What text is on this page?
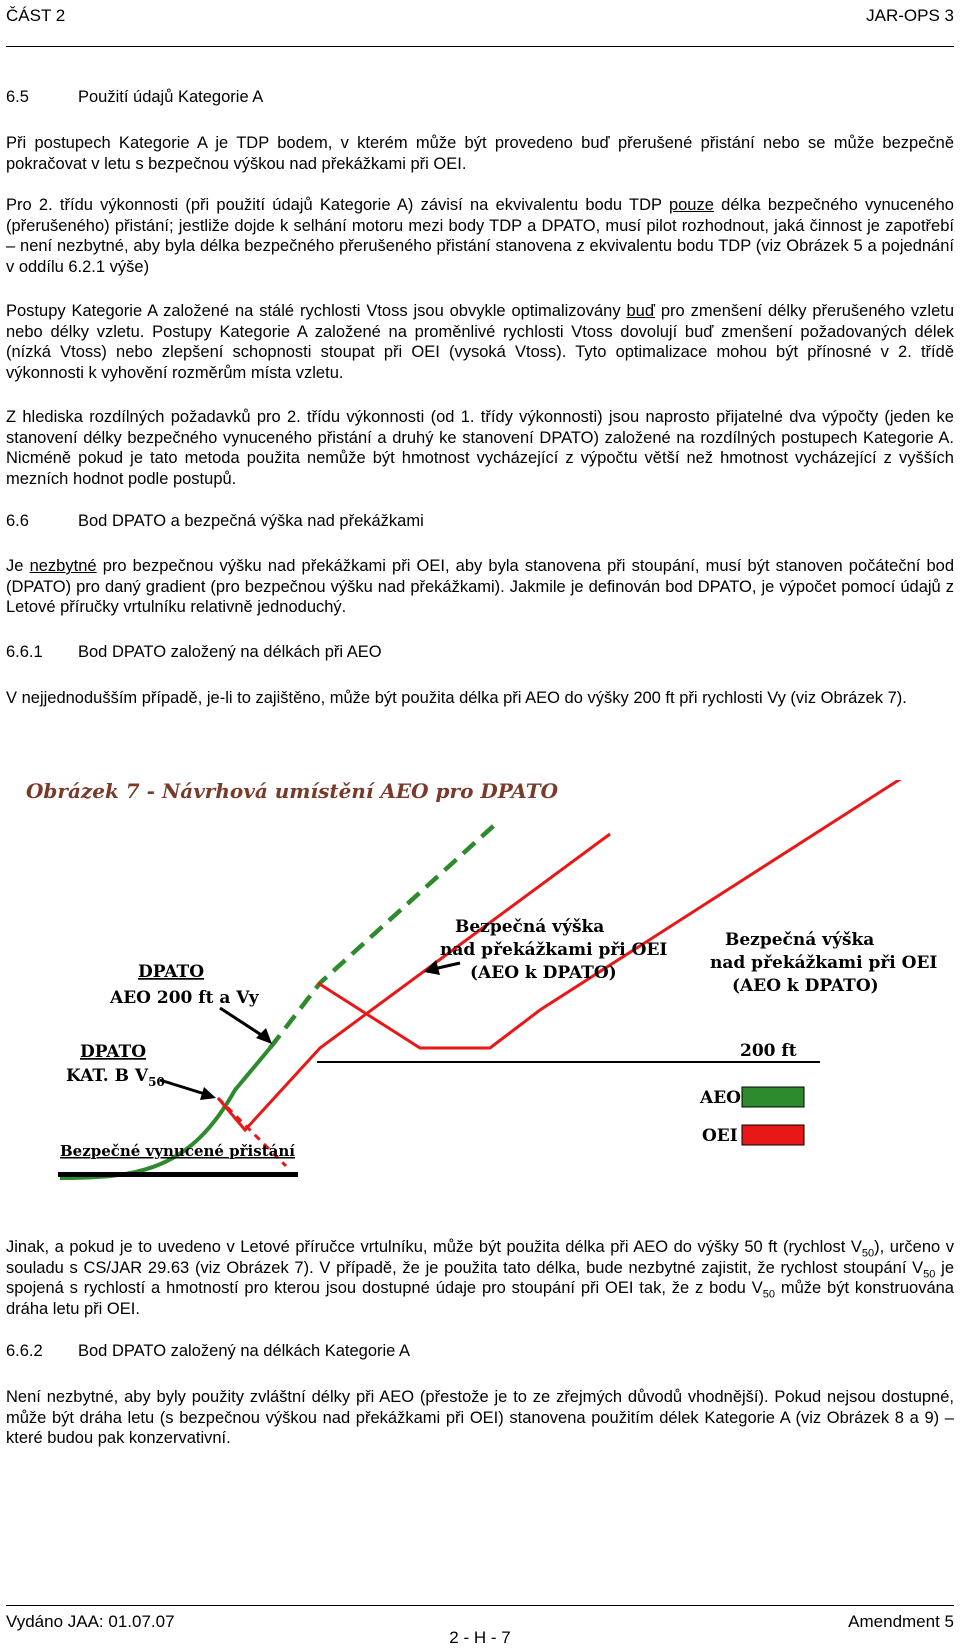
ČÁST 2	JAR-OPS 3
6.5	Použití údajů Kategorie A
Při postupech Kategorie A je TDP bodem, v kterém může být provedeno buď přerušené přistání nebo se může bezpečně pokračovat v letu s bezpečnou výškou nad překážkami při OEI.
Pro 2. třídu výkonnosti (při použití údajů Kategorie A) závisí na ekvivalentu bodu TDP pouze délka bezpečného vynuceného (přerušeného) přistání; jestliže dojde k selhání motoru mezi body TDP a DPATO, musí pilot rozhodnout, jaká činnost je zapotřebí – není nezbytné, aby byla délka bezpečného přerušeného přistání stanovena z ekvivalentu bodu TDP (viz Obrázek 5 a pojednání v oddílu 6.2.1 výše)
Postupy Kategorie A založené na stálé rychlosti Vtoss jsou obvykle optimalizovány buď pro zmenšení délky přerušeného vzletu nebo délky vzletu. Postupy Kategorie A založené na proměnlivé rychlosti Vtoss dovolují buď zmenšení požadovaných délek (nízká Vtoss) nebo zlepšení schopnosti stoupat při OEI (vysoká Vtoss). Tyto optimalizace mohou být přínosné v 2. třídě výkonnosti k vyhovění rozměrům místa vzletu.
Z hlediska rozdílných požadavků pro 2. třídu výkonnosti (od 1. třídy výkonnosti) jsou naprosto přijatelné dva výpočty (jeden ke stanovení délky bezpečného vynuceného přistání a druhý ke stanovení DPATO) založené na rozdílných postupech Kategorie A. Nicméně pokud je tato metoda použita nemůže být hmotnost vycházející z výpočtu větší než hmotnost vycházející z vyšších mezních hodnot podle postupů.
6.6	Bod DPATO a bezpečná výška nad překážkami
Je nezbytné pro bezpečnou výšku nad překážkami při OEI, aby byla stanovena při stoupání, musí být stanoven počáteční bod (DPATO) pro daný gradient (pro bezpečnou výšku nad překážkami). Jakmile je definován bod DPATO, je výpočet pomocí údajů z Letové příručky vrtulníku relativně jednoduchý.
6.6.1 Bod DPATO založený na délkách při AEO
V nejjednodušším případě, je-li to zajištěno, může být použita délka při AEO do výšky 200 ft při rychlosti Vy (viz Obrázek 7).
Obrázek 7 - Návrhová umístění AEO pro DPATO
200 ft
DPATO
AEO 200 ft a Vy
DPATO
KAT. B $V_{50}$
Bezpečná výška
nad překážkami při OEI
(AEO k DPATO)
Bezpečná výška
nad překážkami při OEI
(AEO k DPATO)
AEO
OEI
Bezpečné vynucené přistání
Jinak, a pokud je to uvedeno v Letové příručce vrtulníku, může být použita délka při AEO do výšky 50 ft (rychlost $V_{50}$), určeno v souladu s CS/JAR 29.63 (viz Obrázek 7). V případě, že je použita tato délka, bude nezbytné zajistit, že rychlost stoupání $V_{50}$ je spojená s rychlostí a hmotností pro kterou jsou dostupné údaje pro stoupání při OEI tak, že z bodu $V_{50}$ může být konstruována dráha letu při OEI.
6.6.2 Bod DPATO založený na délkách Kategorie A
Není nezbytné, aby byly použity zvláštní délky při AEO (přestože je to ze zřejmých důvodů vhodnější). Pokud nejsou dostupné, může být dráha letu (s bezpečnou výškou nad překážkami při OEI) stanovena použitím délek Kategorie A (viz Obrázek 8 a 9) – které budou pak konzervativní.
Vydáno JAA: 01.07.07	Amendment 5
2 - H - 7
